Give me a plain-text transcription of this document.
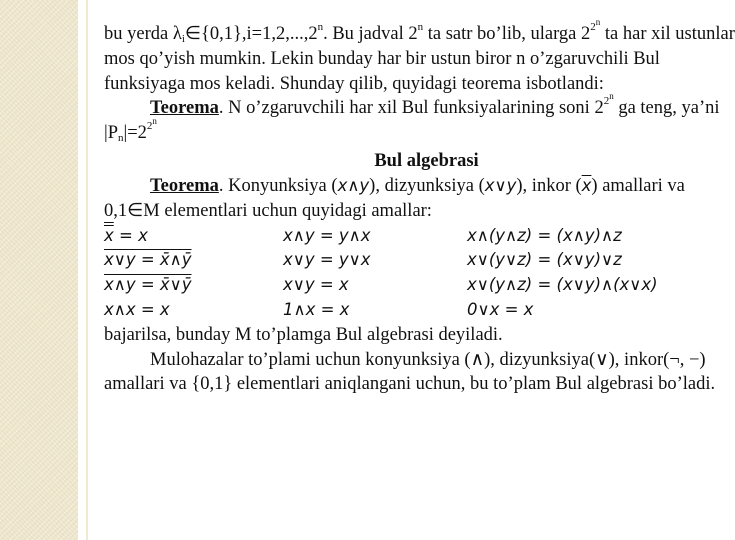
bu yerda $\lambda_i\in\{0,1\},i=1,2,...,2^n$. Bu jadval 2$^n$ ta satr bo’lib, ularga $2^{2^n}$ ta har xil ustunlar
mos qo’yish mumkin. Lekin bunday har bir ustun biror n o’zgaruvchili Bul
funksiyaga mos keladi. Shunday qilib, quyidagi teorema isbotlandi:
Teorema. N o’zgaruvchili har xil Bul funksiyalarining soni $2^{2^n}$ ga teng, ya’ni
$|P_n|=2^{2^n}$
Bul algebrasi
Teorema. Konyunksiya (x∧y), dizyunksiya (x∨y), inkor $(\overline{x})$ amallari va
0,1∈M elementlari uchun quyidagi amallar:
x = x	x∧y = y∧x	x∧(y∧z) = (x∧y)∧z
x∨y = x̄∧ȳ	x∨y = y∨x	x∨(y∨z) = (x∨y)∨z
x∧y = x̄∨ȳ	x∨y = x	x∨(y∧z) = (x∨y)∧(x∨x)
x∧x = x	1∧x = x	0∨x = x
bajarilsa, bunday M to’plamga Bul algebrasi deyiladi.
Mulohazalar to’plami uchun konyunksiya (∧), dizyunksiya(∨), inkor(¬, −)
amallari va {0,1} elementlari aniqlangani uchun, bu to’plam Bul algebrasi bo’ladi.
